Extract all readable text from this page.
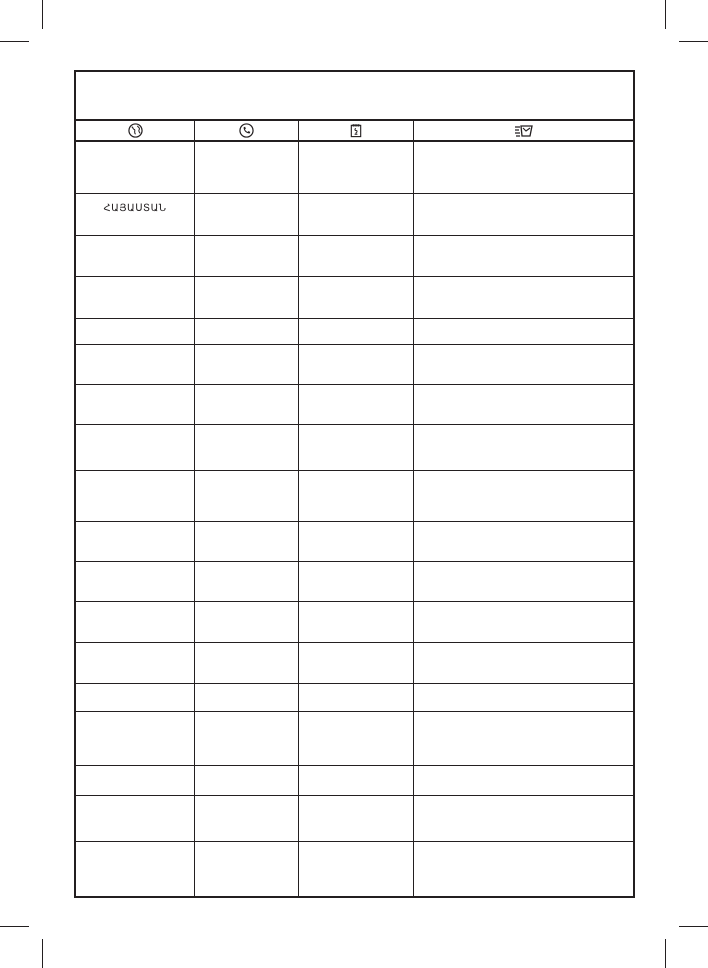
ՀԱՅԱՍՏԱՆ
